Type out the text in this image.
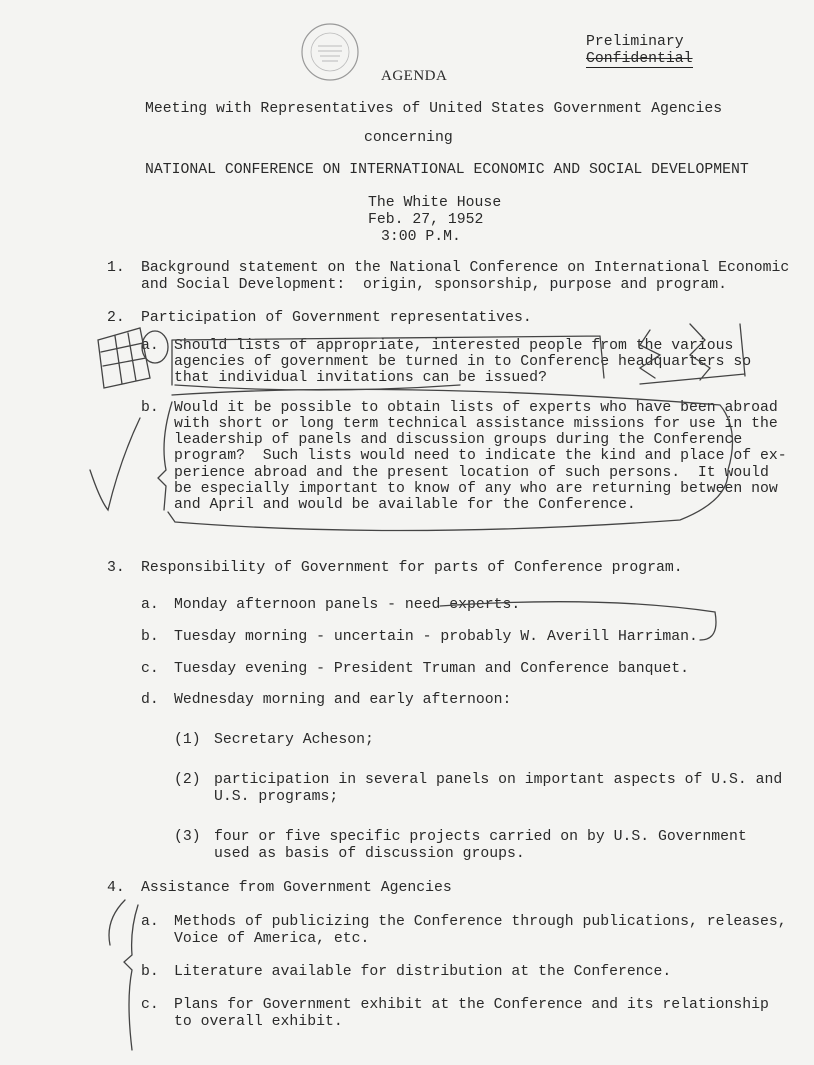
Preliminary
Confidential
AGENDA
Meeting with Representatives of United States Government Agencies
concerning
NATIONAL CONFERENCE ON INTERNATIONAL ECONOMIC AND SOCIAL DEVELOPMENT
The White House
Feb. 27, 1952
3:00 P.M.
1. Background statement on the National Conference on International Economic
and Social Development:  origin, sponsorship, purpose and program.
2. Participation of Government representatives.
a. Should lists of appropriate, interested people from the various
agencies of government be turned in to Conference headquarters so
that individual invitations can be issued?
b. Would it be possible to obtain lists of experts who have been abroad
with short or long term technical assistance missions for use in the
leadership of panels and discussion groups during the Conference
program?  Such lists would need to indicate the kind and place of ex-
perience abroad and the present location of such persons.  It would
be especially important to know of any who are returning between now
and April and would be available for the Conference.
3. Responsibility of Government for parts of Conference program.
a. Monday afternoon panels - need experts.
b. Tuesday morning - uncertain - probably W. Averill Harriman.
c. Tuesday evening - President Truman and Conference banquet.
d. Wednesday morning and early afternoon:
(1) Secretary Acheson;
(2) participation in several panels on important aspects of U.S. and
U.S. programs;
(3) four or five specific projects carried on by U.S. Government
used as basis of discussion groups.
4. Assistance from Government Agencies
a. Methods of publicizing the Conference through publications, releases,
Voice of America, etc.
b. Literature available for distribution at the Conference.
c. Plans for Government exhibit at the Conference and its relationship
to overall exhibit.
